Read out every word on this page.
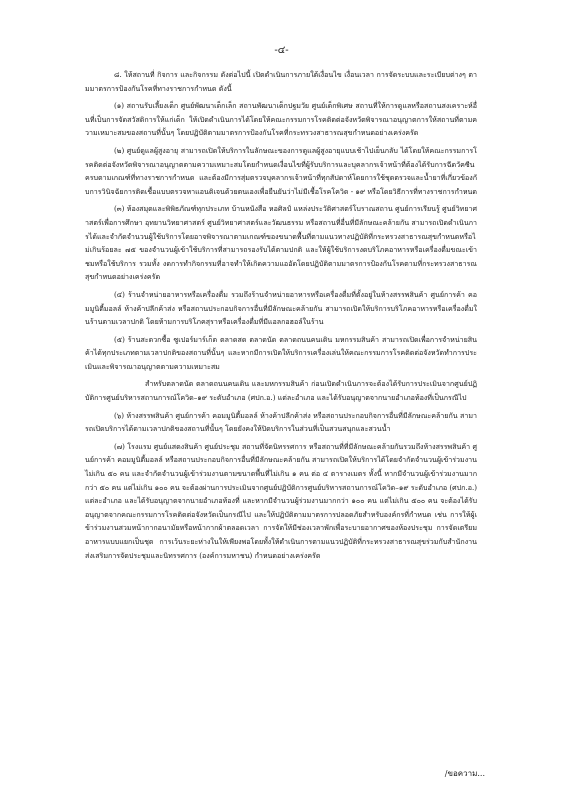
-๔-

๘. ให้สถานที่ กิจการ และกิจกรรม ดังต่อไปนี้ เปิดดำเนินการภายใต้เงื่อนไข เงื่อนเวลา การจัดระบบและระเบียบต่างๆ ตามมาตรการป้องกันโรคที่ทางราชการกำหนด ดังนี้

(๑) สถานรับเลี้ยงเด็ก ศูนย์พัฒนาเด็กเล็ก สถานพัฒนาเด็กปฐมวัย ศูนย์เด็กพิเศษ สถานที่ให้การดูแลหรือสถานสงเคราะห์อื่นที่เป็นการจัดสวัสดิการให้แก่เด็ก ให้เปิดดำเนินการได้โดยให้คณะกรรมการโรคติดต่อจังหวัดพิจารณาอนุญาตการให้สถานที่ตามความเหมาะสมของสถานที่นั้นๆ โดยปฏิบัติตามมาตรการป้องกันโรคที่กระทรวงสาธารณสุขกำหนดอย่างเคร่งครัด

(๒) ศูนย์ดูแลผู้สูงอายุ สามารถเปิดให้บริการในลักษณะของการดูแลผู้สูงอายุแบบเช้าไปเย็นกลับ ได้โดยให้คณะกรรมการโรคติดต่อจังหวัดพิจารณาอนุญาตตามความเหมาะสมโดยกำหนดเงื่อนไขที่ผู้รับบริการและบุคลากรเจ้าหน้าที่ต้องได้รับการฉีดวัคซีนครบตามเกณฑ์ที่ทางราชการกำหนด และต้องมีการสุ่มตรวจบุคลากรเจ้าหน้าที่ทุกสัปดาห์โดยการใช้ชุดตรวจและน้ำยาที่เกี่ยวข้องกับการวินิจฉัยการติดเชื้อแบบตรวจหาแอนติเจนด้วยตนเองเพื่อยืนยันว่าไม่มีเชื้อโรคโควิด - ๑๙ หรือโดยวิธีการที่ทางราชการกำหนด

(๓) ห้องสมุดและพิพิธภัณฑ์ทุกประเภท บ้านหนังสือ หอศิลป์ แหล่งประวัติศาสตร์โบราณสถาน ศูนย์การเรียนรู้ ศูนย์วิทยาศาสตร์เพื่อการศึกษา อุทยานวิทยาศาสตร์ ศูนย์วิทยาศาสตร์และวัฒนธรรม หรือสถานที่อื่นที่มีลักษณะคล้ายกัน สามารถเปิดดำเนินการได้และจำกัดจำนวนผู้ใช้บริการโดยอาจพิจารณาตามเกณฑ์ของขนาดพื้นที่ตามแนวทางปฏิบัติที่กระทรวงสาธารณสุขกำหนดหรือไม่เกินร้อยละ ๗๕ ของจำนวนผู้เข้าใช้บริการที่สามารถรองรับได้ตามปกติ และให้ผู้ใช้บริการงดบริโภคอาหารหรือเครื่องดื่มขณะเข้าชมหรือใช้บริการ รวมทั้ง งดการทำกิจกรรมที่อาจทำให้เกิดความแออัดโดยปฏิบัติตามมาตรการป้องกันโรคตามที่กระทรวงสาธารณสุขกำหนดอย่างเคร่งครัด

(๔) ร้านจำหน่ายอาหารหรือเครื่องดื่ม รวมถึงร้านจำหน่ายอาหารหรือเครื่องดื่มที่ตั้งอยู่ในห้างสรรพสินค้า ศูนย์การค้า คอมมูนิตี้มอลล์ ห้างค้าปลีกค้าส่ง หรือสถานประกอบกิจการอื่นที่มีลักษณะคล้ายกัน สามารถเปิดให้บริการบริโภคอาหารหรือเครื่องดื่มในร้านตามเวลาปกติ โดยห้ามการบริโภคสุราหรือเครื่องดื่มที่มีแอลกอฮอล์ในร้าน

(๕) ร้านสะดวกซื้อ ซูเปอร์มาร์เก็ต ตลาดสด ตลาดนัด ตลาดถนนคนเดิน มหกรรมสินค้า สามารถเปิดเพื่อการจำหน่ายสินค้าได้ทุกประเภทตามเวลาปกติของสถานที่นั้นๆ และหากมีการเปิดให้บริการเครื่องเล่นให้คณะกรรมการโรคติดต่อจังหวัดทำการประเมินและพิจารณาอนุญาตตามความเหมาะสม

สำหรับตลาดนัด ตลาดถนนคนเดิน และมหกรรมสินค้า ก่อนเปิดดำเนินการจะต้องได้รับการประเมินจากศูนย์ปฏิบัติการศูนย์บริหารสถานการณ์โควิด–๑๙ ระดับอำเภอ (ศปก.อ.) แต่ละอำเภอ และได้รับอนุญาตจากนายอำเภอท้องที่เป็นกรณีไป

(๖) ห้างสรรพสินค้า ศูนย์การค้า คอมมูนิตี้มอลล์ ห้างค้าปลีกค้าส่ง หรือสถานประกอบกิจการอื่นที่มีลักษณะคล้ายกัน สามารถเปิดบริการได้ตามเวลาปกติของสถานที่นั้นๆ โดยยังคงให้ปิดบริการในส่วนที่เป็นสวนสนุกและสวนน้ำ

(๗) โรงแรม ศูนย์แสดงสินค้า ศูนย์ประชุม สถานที่จัดนิทรรศการ หรือสถานที่ที่มีลักษณะคล้ายกันรวมถึงห้างสรรพสินค้า ศูนย์การค้า คอมมูนิตี้มอลล์ หรือสถานประกอบกิจการอื่นที่มีลักษณะคล้ายกัน สามารถเปิดให้บริการได้โดยจำกัดจำนวนผู้เข้าร่วมงานไม่เกิน ๕๐ คน และจำกัดจำนวนผู้เข้าร่วมงานตามขนาดพื้นที่ไม่เกิน ๑ คน ต่อ ๔ ตารางเมตร ทั้งนี้ หากมีจำนวนผู้เข้าร่วมงานมากกว่า ๕๐ คน แต่ไม่เกิน ๑๐๐ คน จะต้องผ่านการประเมินจากศูนย์ปฏิบัติการศูนย์บริหารสถานการณ์โควิด–๑๙ ระดับอำเภอ (ศปก.อ.) แต่ละอำเภอ และได้รับอนุญาตจากนายอำเภอท้องที่ และหากมีจำนวนผู้ร่วมงานมากกว่า ๑๐๐ คน แต่ไม่เกิน ๕๐๐ คน จะต้องได้รับอนุญาตจากคณะกรรมการโรคติดต่อจังหวัดเป็นกรณีไป และให้ปฏิบัติตามมาตรการปลอดภัยสำหรับองค์กรที่กำหนด เช่น การให้ผู้เข้าร่วมงานสวมหน้ากากอนามัยหรือหน้ากากผ้าตลอดเวลา การจัดให้มีช่องเวลาพักเพื่อระบายอากาศของห้องประชุม การจัดเตรียมอาหารแบบแยกเป็นชุด การเว้นระยะห่างในให้เพียงพอโดยทั้งให้ดำเนินการตามแนวปฏิบัติที่กระทรวงสาธารณสุขร่วมกับสำนักงานส่งเสริมการจัดประชุมและนิทรรศการ (องค์การมหาชน) กำหนดอย่างเคร่งครัด

/ขอความ...
